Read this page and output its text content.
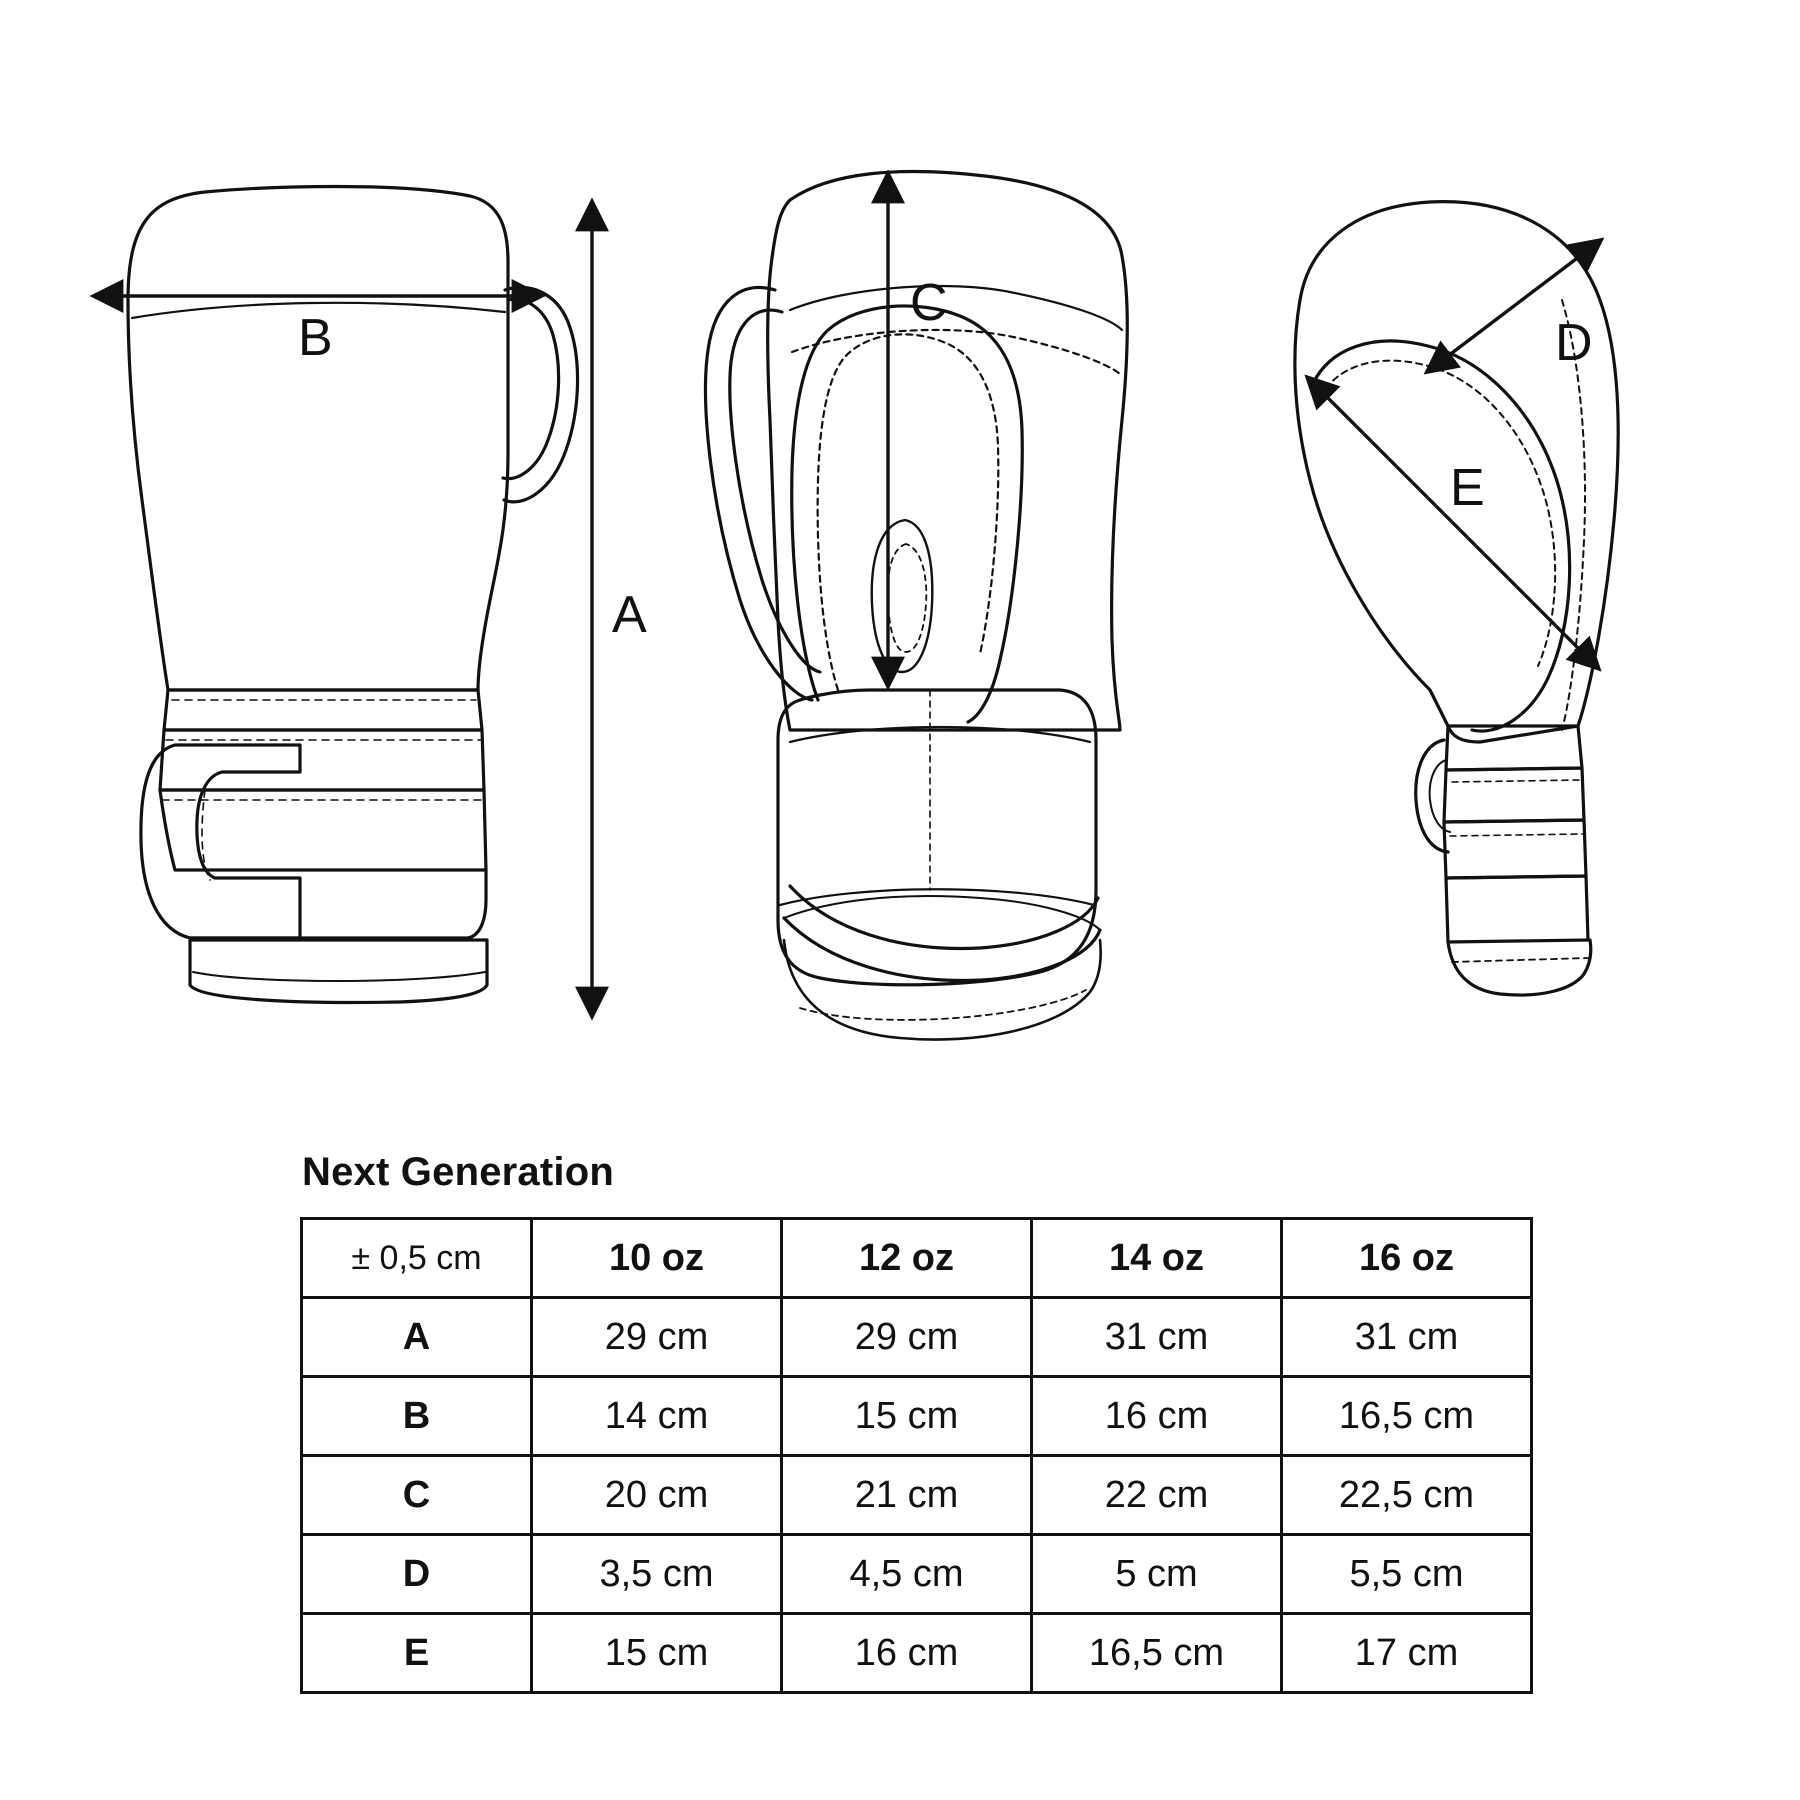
A
B
C
D
E
Next Generation
± 0,5 cm	10 oz	12 oz	14 oz	16 oz
A	29 cm	29 cm	31 cm	31 cm
B	14 cm	15 cm	16 cm	16,5 cm
C	20 cm	21 cm	22 cm	22,5 cm
D	3,5 cm	4,5 cm	5 cm	5,5 cm
E	15 cm	16 cm	16,5 cm	17 cm
